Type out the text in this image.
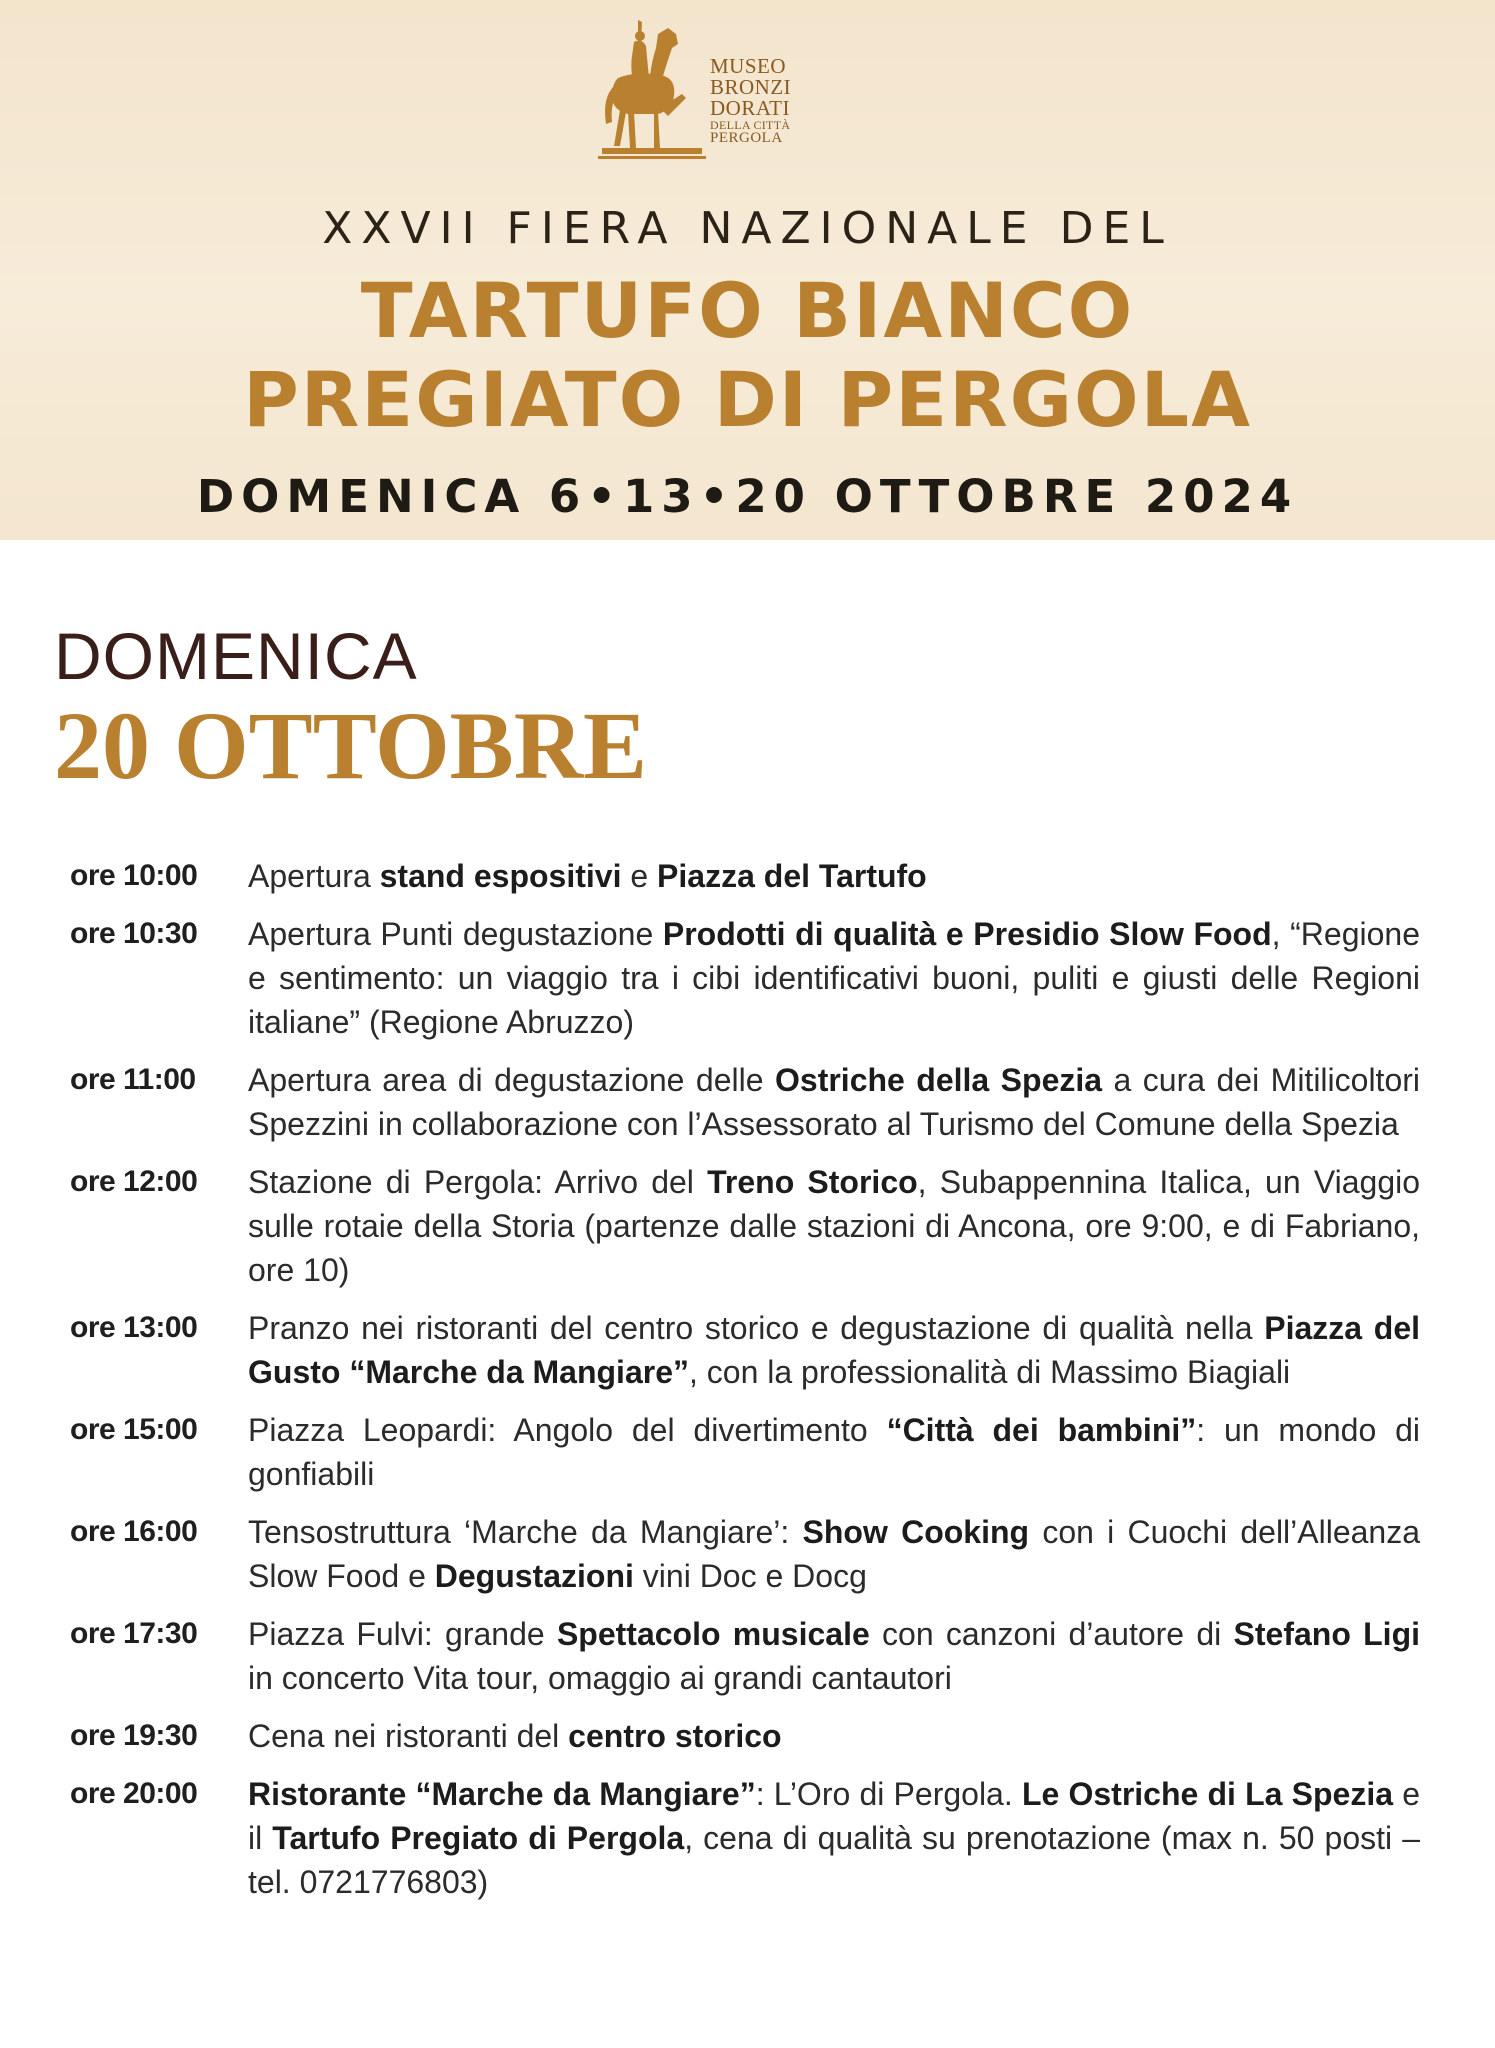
MUSEO
BRONZI
DORATI
DELLA CITTÀ
PERGOLA
XXVII FIERA NAZIONALE DEL
TARTUFO BIANCO
PREGIATO DI PERGOLA
DOMENICA 6•13•20 OTTOBRE 2024
DOMENICA
20 OTTOBRE
ore 10:00	Apertura stand espositivi e Piazza del Tartufo
ore 10:30	Apertura Punti degustazione Prodotti di qualità e Presidio Slow Food, “Regione e sentimento: un viaggio tra i cibi identificativi buoni, puliti e giusti delle Regioni italiane” (Regione Abruzzo)
ore 11:00	Apertura area di degustazione delle Ostriche della Spezia a cura dei Mitilicoltori Spezzini in collaborazione con l’Assessorato al Turismo del Comune della Spezia
ore 12:00	Stazione di Pergola: Arrivo del Treno Storico, Subappennina Italica, un Viaggio sulle rotaie della Storia (partenze dalle stazioni di Ancona, ore 9:00, e di Fabriano, ore 10)
ore 13:00	Pranzo nei ristoranti del centro storico e degustazione di qualità nella Piazza del Gusto “Marche da Mangiare”, con la professionalità di Massimo Biagiali
ore 15:00	Piazza Leopardi: Angolo del divertimento “Città dei bambini”: un mondo di gonfiabili
ore 16:00	Tensostruttura ‘Marche da Mangiare’: Show Cooking con i Cuochi dell’Alleanza Slow Food e Degustazioni vini Doc e Docg
ore 17:30	Piazza Fulvi: grande Spettacolo musicale con canzoni d’autore di Stefano Ligi in concerto Vita tour, omaggio ai grandi cantautori
ore 19:30	Cena nei ristoranti del centro storico
ore 20:00	Ristorante “Marche da Mangiare”: L’Oro di Pergola. Le Ostriche di La Spezia e il Tartufo Pregiato di Pergola, cena di qualità su prenotazione (max n. 50 posti – tel. 0721776803)
